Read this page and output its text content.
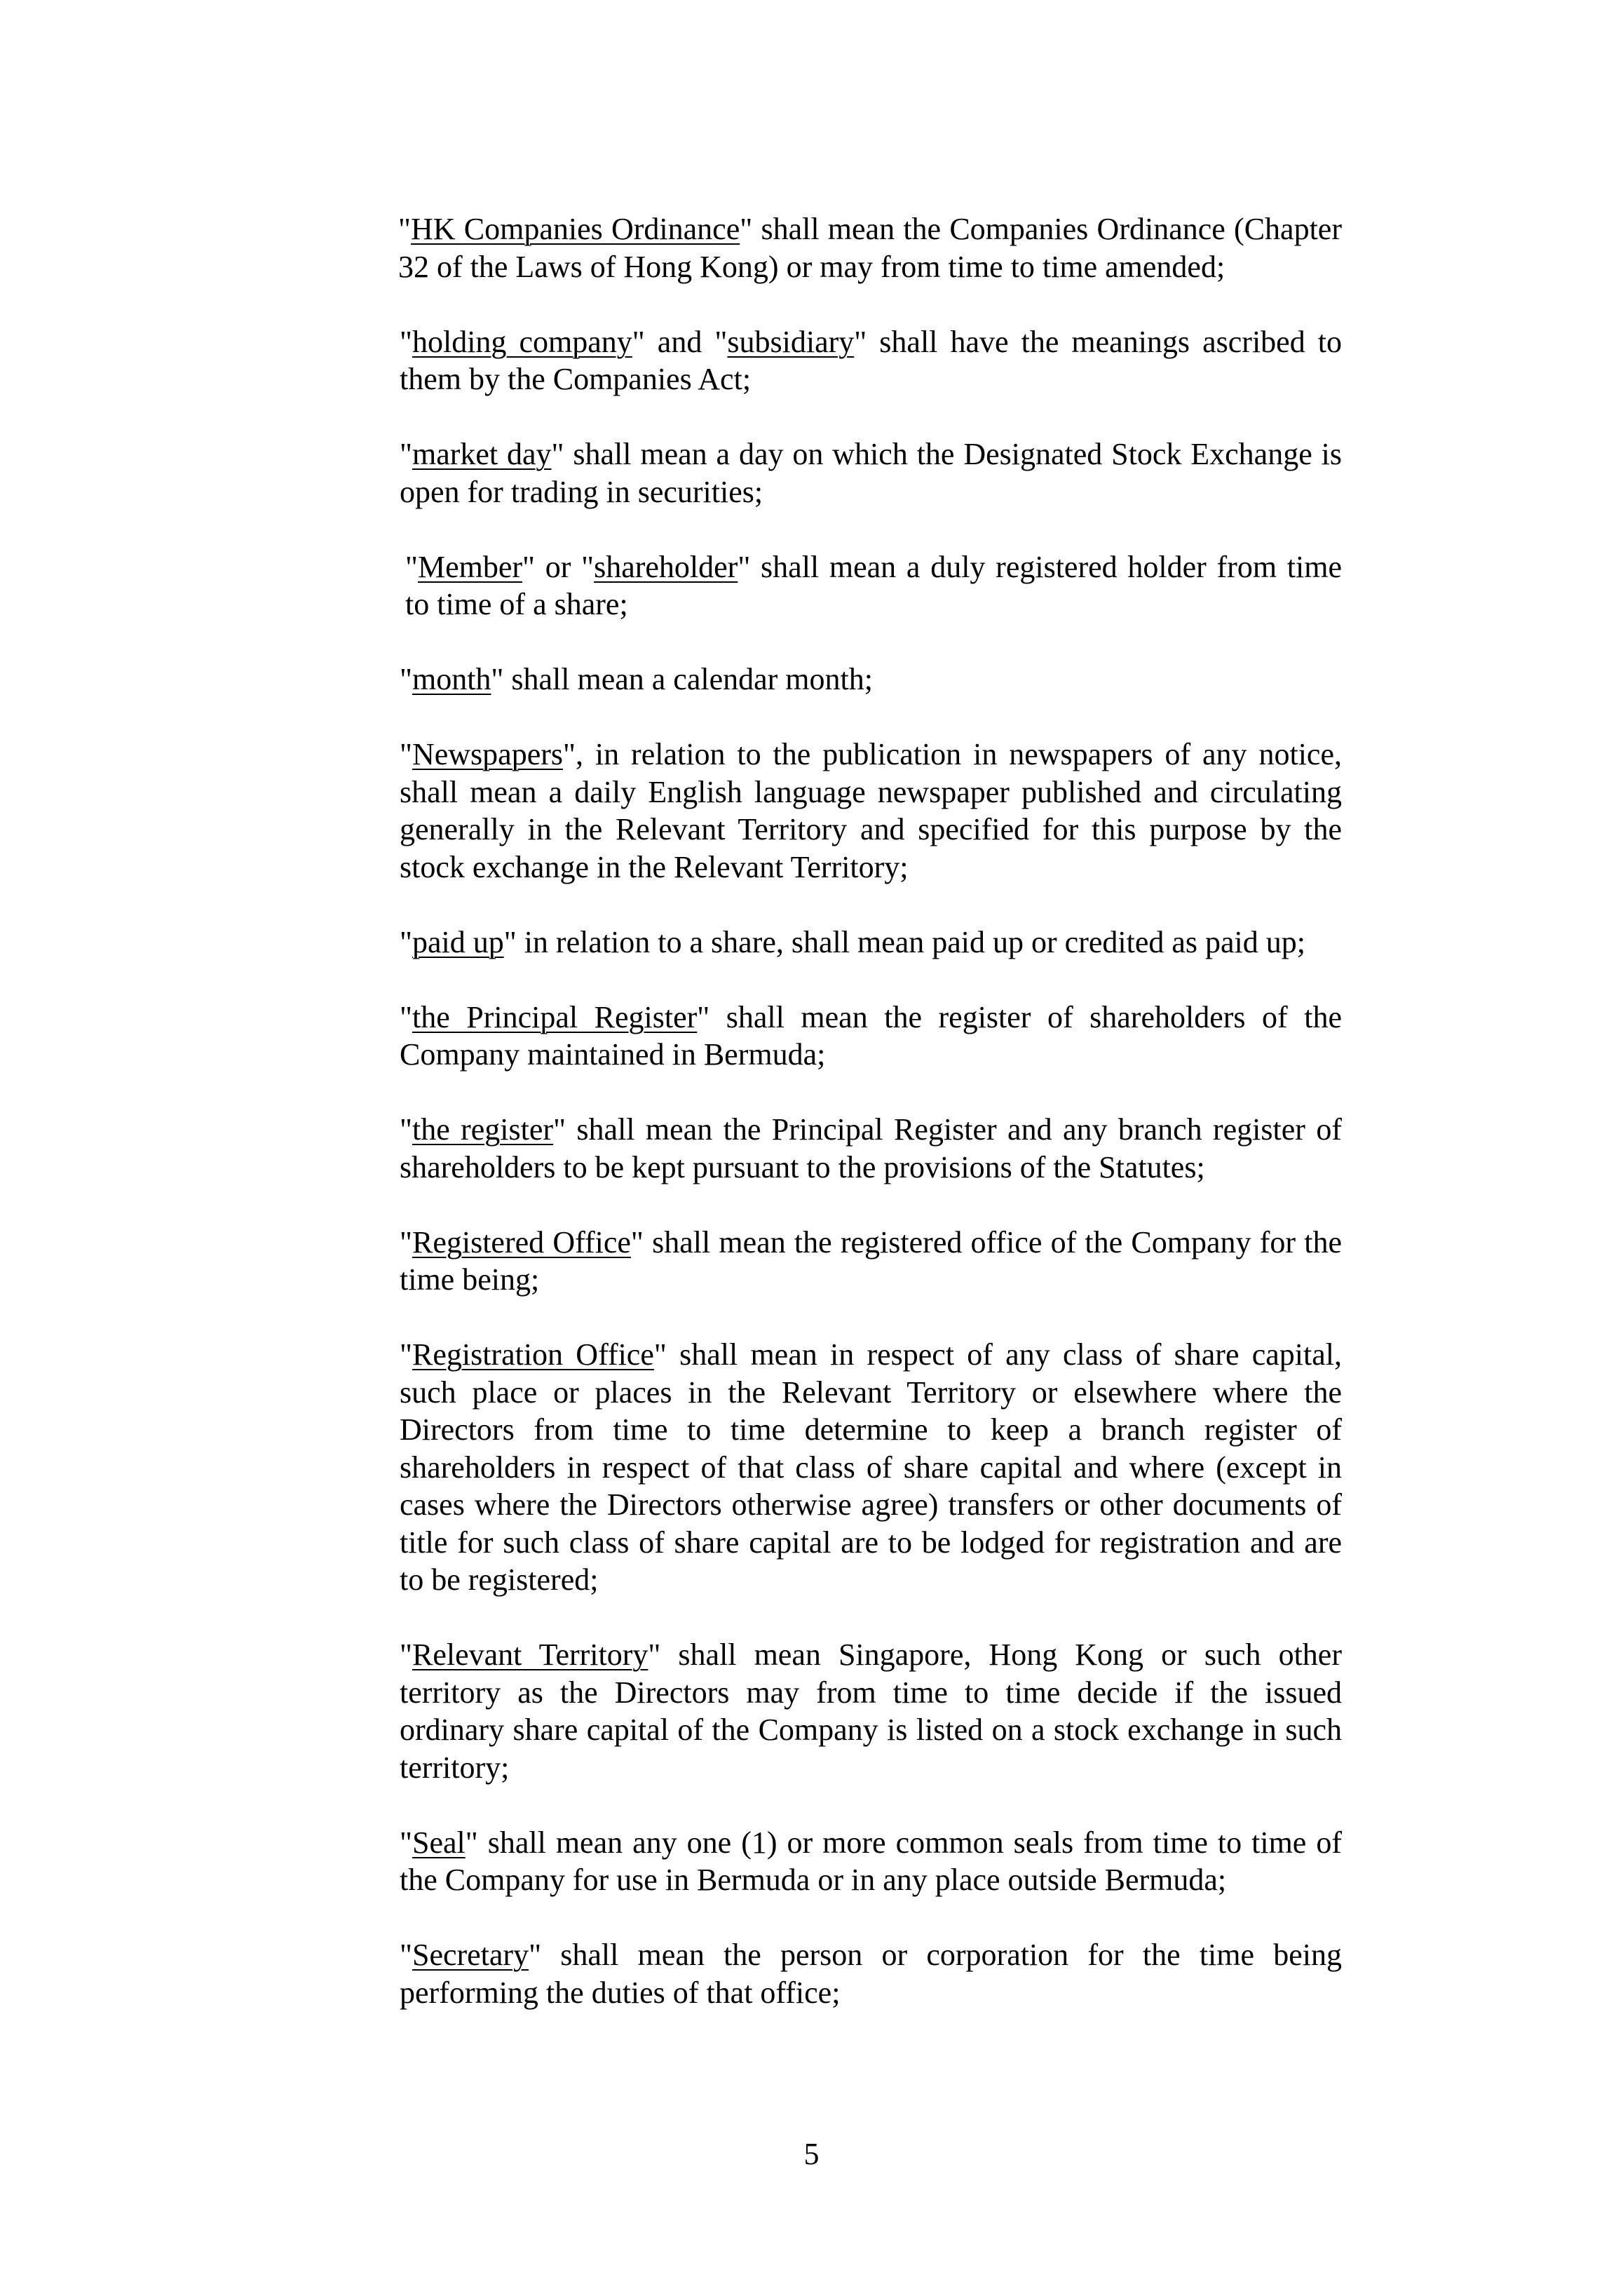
"HK Companies Ordinance" shall mean the Companies Ordinance (Chapter 32 of the Laws of Hong Kong) or may from time to time amended;

"holding company" and "subsidiary" shall have the meanings ascribed to them by the Companies Act;

"market day" shall mean a day on which the Designated Stock Exchange is open for trading in securities;

"Member" or "shareholder" shall mean a duly registered holder from time to time of a share;

"month" shall mean a calendar month;

"Newspapers", in relation to the publication in newspapers of any notice, shall mean a daily English language newspaper published and circulating generally in the Relevant Territory and specified for this purpose by the stock exchange in the Relevant Territory;

"paid up" in relation to a share, shall mean paid up or credited as paid up;

"the Principal Register" shall mean the register of shareholders of the Company maintained in Bermuda;

"the register" shall mean the Principal Register and any branch register of shareholders to be kept pursuant to the provisions of the Statutes;

"Registered Office" shall mean the registered office of the Company for the time being;

"Registration Office" shall mean in respect of any class of share capital, such place or places in the Relevant Territory or elsewhere where the Directors from time to time determine to keep a branch register of shareholders in respect of that class of share capital and where (except in cases where the Directors otherwise agree) transfers or other documents of title for such class of share capital are to be lodged for registration and are to be registered;

"Relevant Territory" shall mean Singapore, Hong Kong or such other territory as the Directors may from time to time decide if the issued ordinary share capital of the Company is listed on a stock exchange in such territory;

"Seal" shall mean any one (1) or more common seals from time to time of the Company for use in Bermuda or in any place outside Bermuda;

"Secretary" shall mean the person or corporation for the time being performing the duties of that office;

5
